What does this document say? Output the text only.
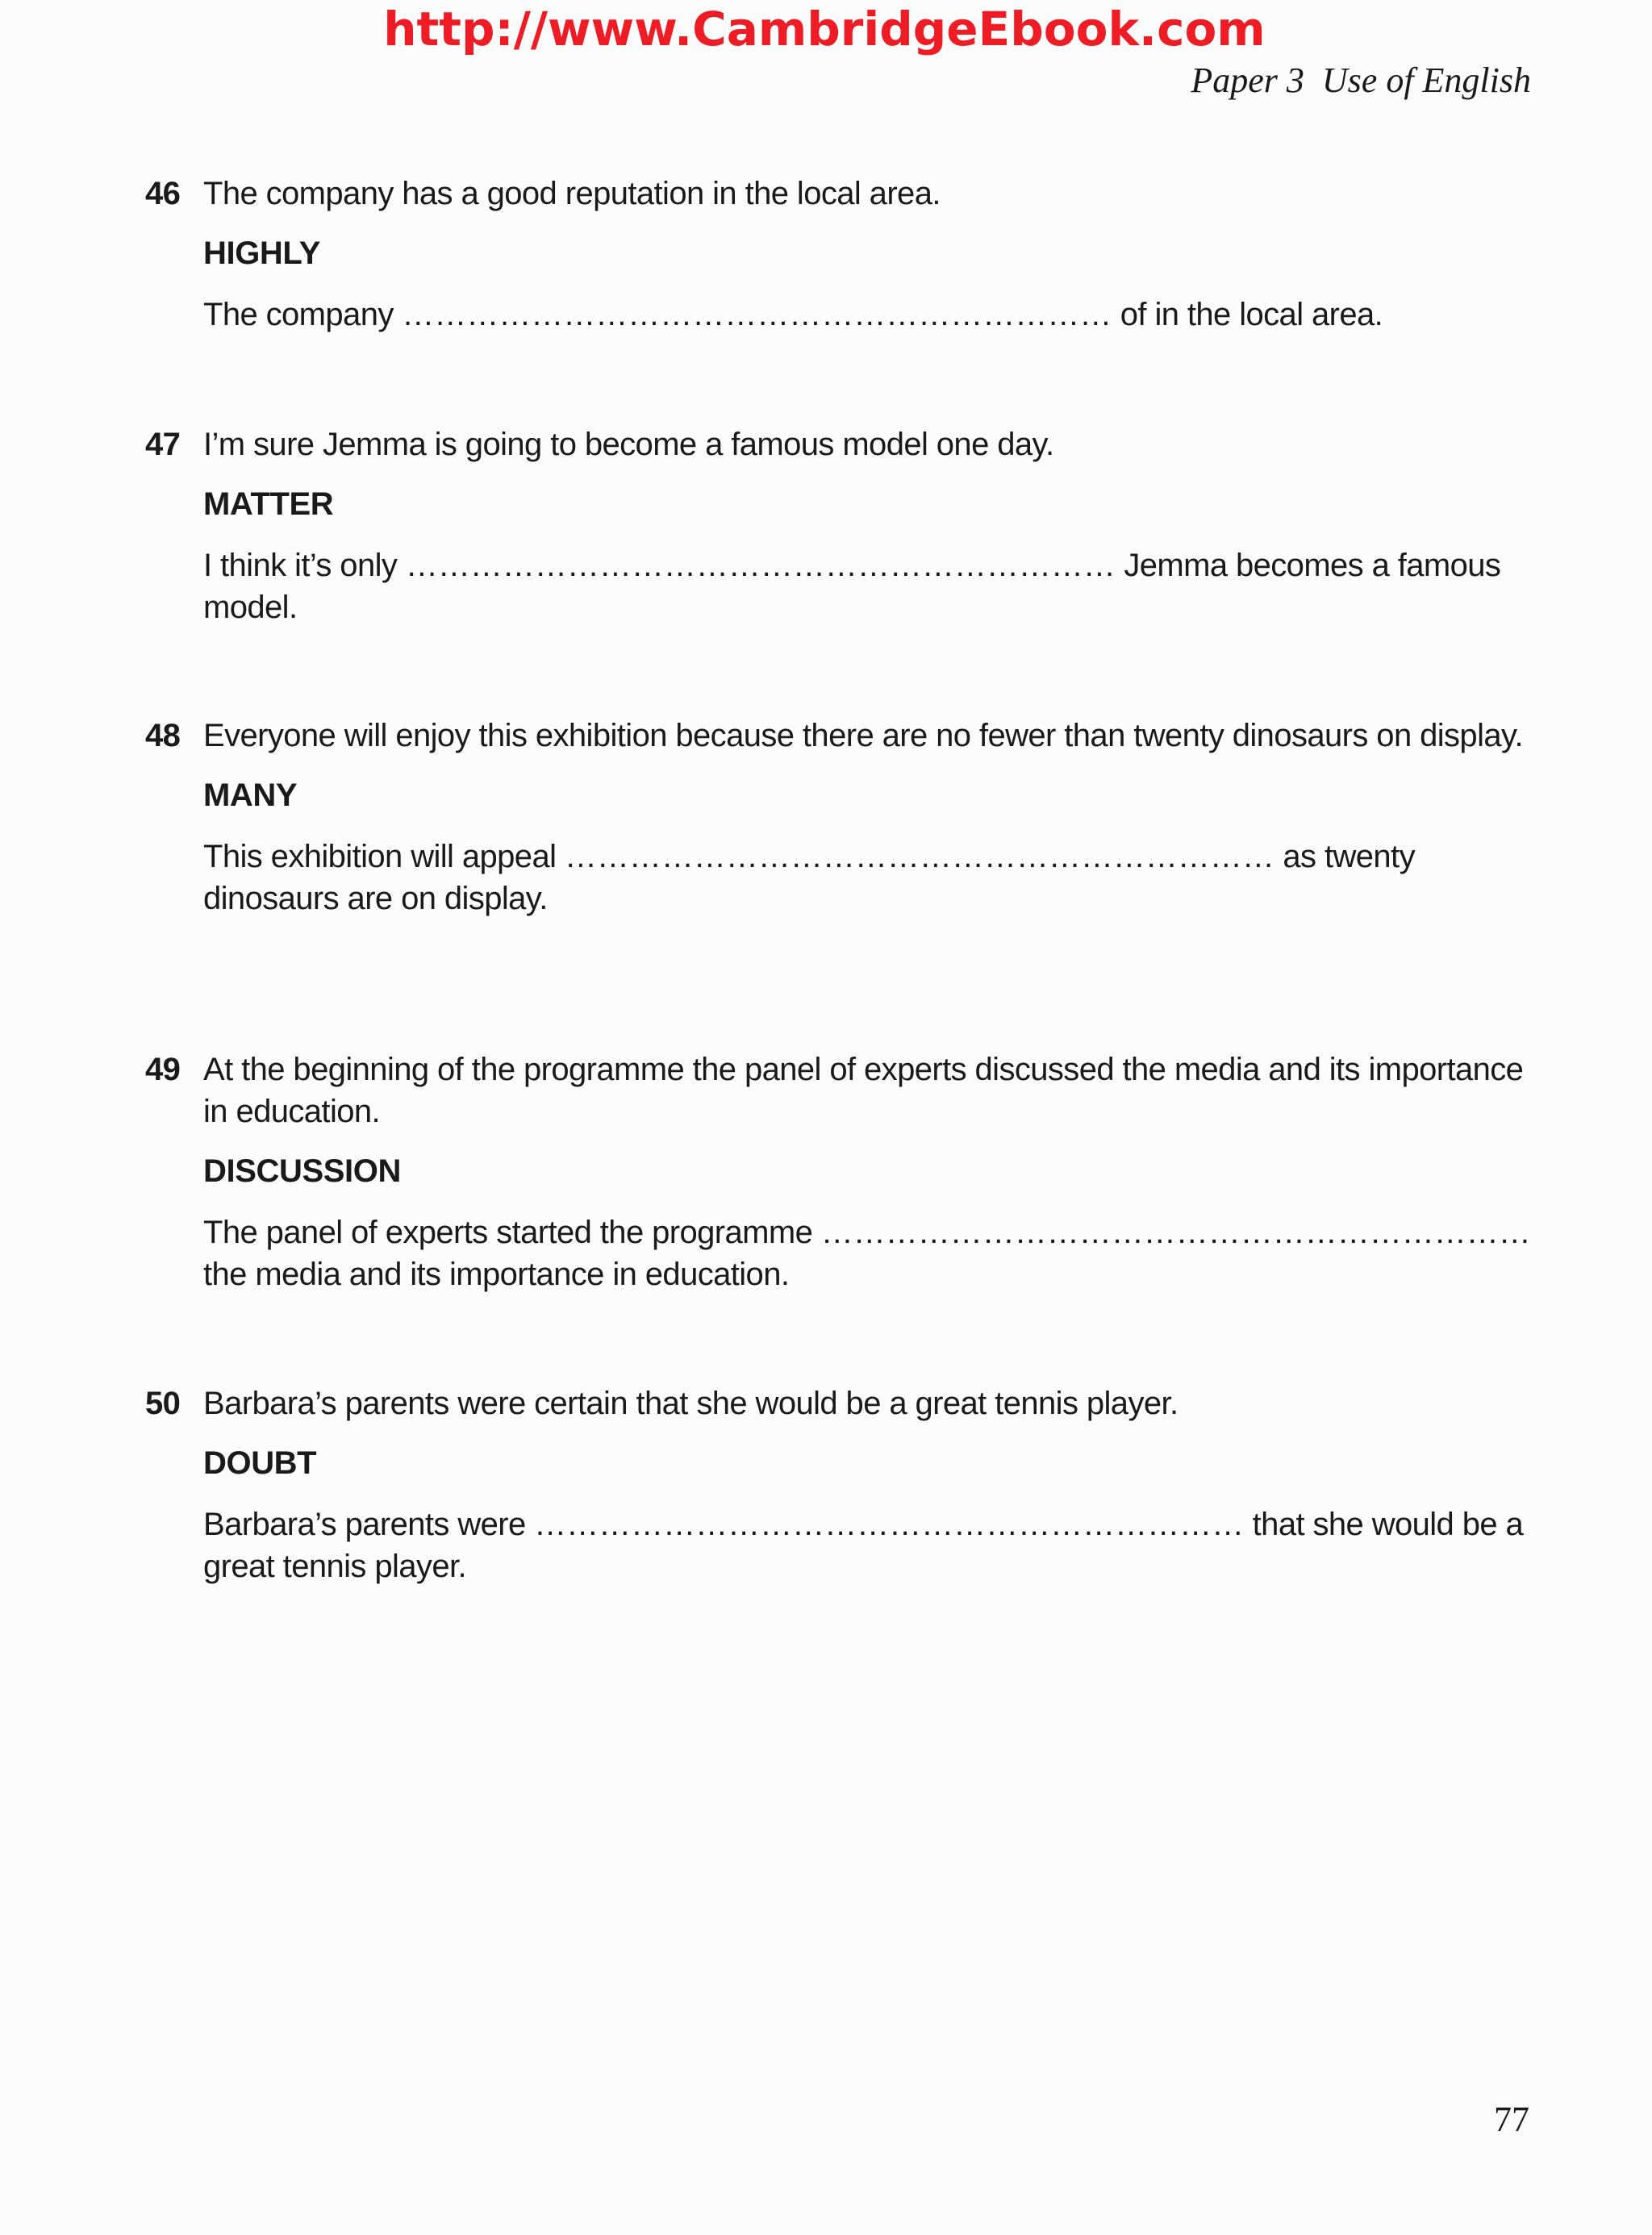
http://www.CambridgeEbook.com
Paper 3 Use of English
46 The company has a good reputation in the local area.
HIGHLY
The company ………………………………………………………… of in the local area.
47 I’m sure Jemma is going to become a famous model one day.
MATTER
I think it’s only ………………………………………………………… Jemma becomes a famous model.
48 Everyone will enjoy this exhibition because there are no fewer than twenty dinosaurs on display.
MANY
This exhibition will appeal ………………………………………………………… as twenty dinosaurs are on display.
49 At the beginning of the programme the panel of experts discussed the media and its importance in education.
DISCUSSION
The panel of experts started the programme ………………………………………………………… the media and its importance in education.
50 Barbara’s parents were certain that she would be a great tennis player.
DOUBT
Barbara’s parents were ………………………………………………………… that she would be a great tennis player.
77
